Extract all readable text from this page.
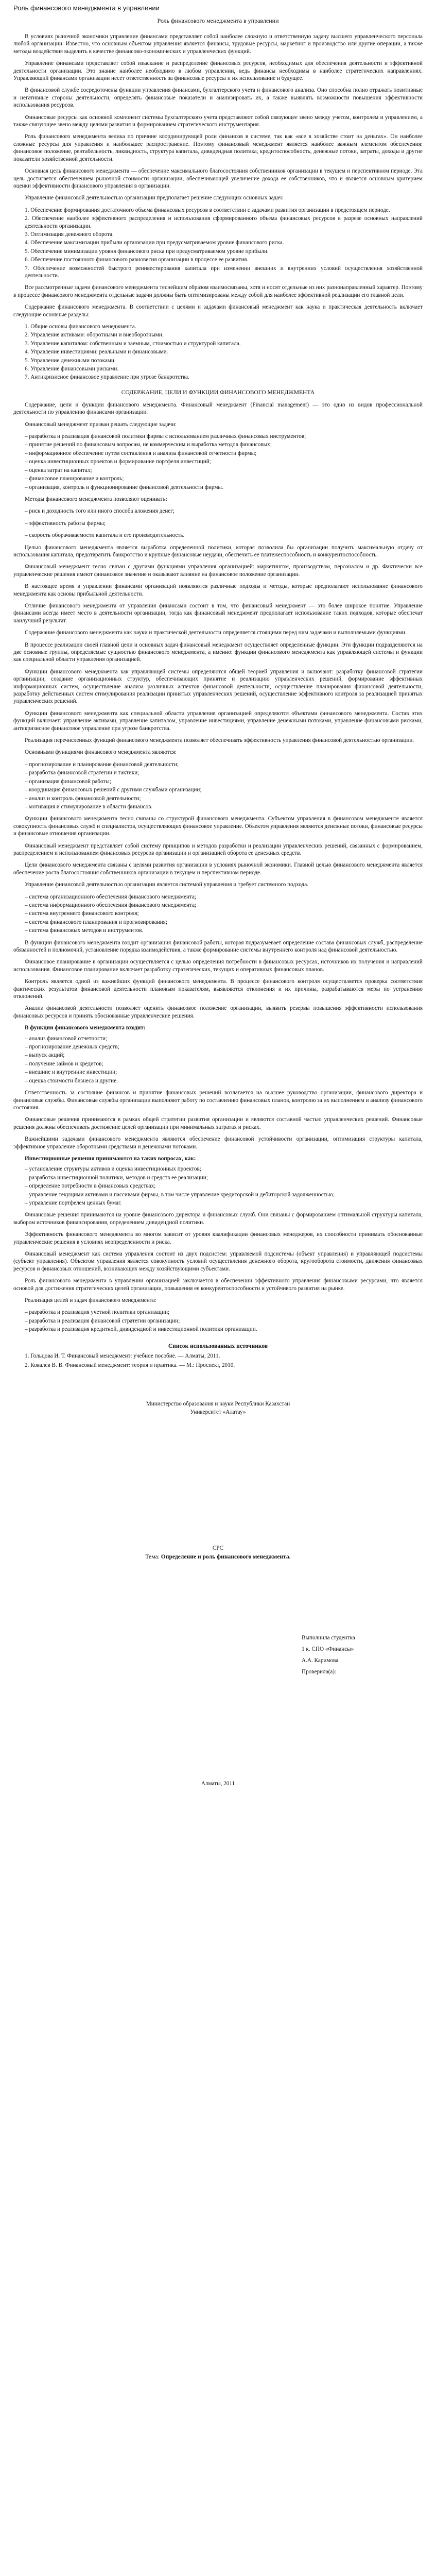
Роль финансового менеджмента в управлении
Роль финансового менеджмента в управлении

В условиях рыночной экономики управление финансами представляет собой наиболее сложную и ответственную задачу высшего управленческого персонала любой организации. Известно, что основным объектом управления является финансы, трудовые ресурсы, маркетинг и производство или другие операции, а также методы воздействия выделить в качестве финансово-экономических и управленческих функций.

Управление финансами представляет собой изыскание и распределение финансовых ресурсов, необходимых для обеспечения деятельности и эффективной деятельности организации. Это знание наиболее необходимо в любом управлении, ведь финансы необходимы в наиболее стратегических направлениях. Управляющий финансами организации несет ответственность за финансовые ресурсы и их использование и будущее.

В финансовой службе сосредоточены функции управления финансами, бухгалтерского учета и финансового анализа. Оно способна полно отражать позитивные и негативные стороны деятельности, определять финансовые показатели и анализировать их, а также выявлять возможности повышения эффективности использования ресурсов.

Финансовые ресурсы как основной компонент системы бухгалтерского учета представляют собой связующее звено между учетом, контролем и управлением, а также связующее звено между целями развития и формированием стратегического инструментария.

Роль финансового менеджмента велика по причине координирующей роли финансов в системе, так как «все в хозяйстве стоит на деньгах». Он наиболее сложные ресурсы для управления и наибольшее распространение. Поэтому финансовый менеджмент является наиболее важным элементом обеспечения: финансовое положение, рентабельность, ликвидность, структура капитала, дивидендная политика, кредитоспособность, денежные потоки, затраты, доходы и другие показатели хозяйственной деятельности.

Основная цель финансового менеджмента — обеспечение максимального благосостояния собственников организации в текущем и перспективном периоде. Эта цель достигается обеспечением рыночной стоимости организации, обеспечивающей увеличение дохода ее собственников, что и является основным критерием оценки эффективности финансового управления в организации.

Управление финансовой деятельностью организации предполагает решение следующих основных задач:

1. Обеспечение формирования достаточного объема финансовых ресурсов в соответствии с задачами развития организации в предстоящем периоде.
2. Обеспечение наиболее эффективного распределения и использования сформированного объема финансовых ресурсов в разрезе основных направлений деятельности организации.
3. Оптимизация денежного оборота.
4. Обеспечение максимизации прибыли организации при предусматриваемом уровне финансового риска.
5. Обеспечение минимизации уровня финансового риска при предусматриваемом уровне прибыли.
6. Обеспечение постоянного финансового равновесия организации в процессе ее развития.
7. Обеспечение возможностей быстрого реинвестирования капитала при изменении внешних и внутренних условий осуществления хозяйственной деятельности.

Все рассмотренные задачи финансового менеджмента теснейшим образом взаимосвязаны, хотя и носят отдельные из них разнонаправленный характер. Поэтому в процессе финансового менеджмента отдельные задачи должны быть оптимизированы между собой для наиболее эффективной реализации его главной цели.

Содержание финансового менеджмента. В соответствии с целями и задачами финансовый менеджмент как наука и практическая деятельность включает следующие основные разделы:

1. Общие основы финансового менеджмента.
2. Управление активами: оборотными и внеоборотными.
3. Управление капиталом: собственным и заемным, стоимостью и структурой капитала.
4. Управление инвестициями: реальными и финансовыми.
5. Управление денежными потоками.
6. Управление финансовыми рисками.
7. Антикризисное финансовое управление при угрозе банкротства.
СОДЕРЖАНИЕ, ЦЕЛИ И ФУНКЦИИ ФИНАНСОВОГО МЕНЕДЖМЕНТА

Содержание, цели и функции финансового менеджмента. Финансовый менеджмент (Financial management) — это одно из видов профессиональной деятельности по управлению финансами организации.

Финансовый менеджмент призван решать следующие задачи:

– разработка и реализация финансовой политики фирмы с использованием различных финансовых инструментов;
– принятие решений по финансовым вопросам, не коммерческим и выработка методов финансовых;
– информационное обеспечение путем составления и анализа финансовой отчетности фирмы;
– оценка инвестиционных проектов и формирование портфеля инвестиций;
– оценка затрат на капитал;
– финансовое планирование и контроль;
– организация, контроль и функционирование финансовой деятельности фирмы.

Методы финансового менеджмента позволяют оценивать:

– риск и доходность того или иного способа вложения денег;

– эффективность работы фирмы;

– скорость оборачиваемости капитала и его производительность.

Целью финансового менеджмента является выработка определенной политики, которая позволила бы организации получить максимальную отдачу от использования капитала, предотвратить банкротство и крупные финансовые неудачи, обеспечить ее платежеспособность и конкурентоспособность.

Финансовый менеджмент тесно связан с другими функциями управления организацией: маркетингом, производством, персоналом и др. Фактически все управленческие решения имеют финансовое значение и оказывают влияние на финансовое положение организации.

В настоящее время в управлении финансами организаций появляются различные подходы и методы, которые предполагают использование финансового менеджмента как основы прибыльной деятельности.

Отличие финансового менеджмента от управления финансами состоит в том, что финансовый менеджмент — это более широкое понятие. Управление финансами всегда имеет место в деятельности организации, тогда как финансовый менеджмент предполагает использование таких подходов, которые обеспечат наилучший результат.

Содержание финансового менеджмента как науки и практической деятельности определяется стоящими перед ним задачами и выполняемыми функциями.

В процессе реализации своей главной цели и основных задач финансовый менеджмент осуществляет определенные функции. Эти функции подразделяются на две основные группы, определяемые сущностью финансового менеджмента, а именно: функции финансового менеджмента как управляющей системы и функции как специальной области управления организацией.

Функции финансового менеджмента как управляющей системы определяются общей теорией управления и включают: разработку финансовой стратегии организации, создание организационных структур, обеспечивающих принятие и реализацию управленческих решений, формирование эффективных информационных систем, осуществление анализа различных аспектов финансовой деятельности, осуществление планирования финансовой деятельности, разработку действенных систем стимулирования реализации принятых управленческих решений, осуществление эффективного контроля за реализацией принятых управленческих решений.

Функции финансового менеджмента как специальной области управления организацией определяются объектами финансового менеджмента. Состав этих функций включает: управление активами, управление капиталом, управление инвестициями, управление денежными потоками, управление финансовыми рисками, антикризисное финансовое управление при угрозе банкротства.

Реализация перечисленных функций финансового менеджмента позволяет обеспечивать эффективность управления финансовой деятельностью организации.

Основными функциями финансового менеджмента являются:

– прогнозирование и планирование финансовой деятельности;
– разработка финансовой стратегии и тактики;
– организация финансовой работы;
– координация финансовых решений с другими службами организации;
– анализ и контроль финансовой деятельности;
– мотивация и стимулирование в области финансов.

Функции финансового менеджмента тесно связаны со структурой финансового менеджмента. Субъектом управления в финансовом менеджменте является совокупность финансовых служб и специалистов, осуществляющих финансовое управление. Объектом управления являются денежные потоки, финансовые ресурсы и финансовые отношения организации.

Финансовый менеджмент представляет собой систему принципов и методов разработки и реализации управленческих решений, связанных с формированием, распределением и использованием финансовых ресурсов организации и организацией оборота ее денежных средств.

Цели финансового менеджмента связаны с целями развития организации в условиях рыночной экономики. Главной целью финансового менеджмента является обеспечение роста благосостояния собственников организации в текущем и перспективном периоде.

Управление финансовой деятельностью организации является системой управления и требует системного подхода.

– система организационного обеспечения финансового менеджмента;
– система информационного обеспечения финансового менеджмента;
– система внутреннего финансового контроля;
– система финансового планирования и прогнозирования;
– система финансовых методов и инструментов.

В функции финансового менеджмента входит организация финансовой работы, которая подразумевает определение состава финансовых служб, распределение обязанностей и полномочий, установление порядка взаимодействия, а также формирование системы внутреннего контроля над финансовой деятельностью.

Финансовое планирование в организации осуществляется с целью определения потребности в финансовых ресурсах, источников их получения и направлений использования. Финансовое планирование включает разработку стратегических, текущих и оперативных финансовых планов.

Контроль является одной из важнейших функций финансового менеджмента. В процессе финансового контроля осуществляется проверка соответствия фактических результатов финансовой деятельности плановым показателям, выявляются отклонения и их причины, разрабатываются меры по устранению отклонений.

Анализ финансовой деятельности позволяет оценить финансовое положение организации, выявить резервы повышения эффективности использования финансовых ресурсов и принять обоснованные управленческие решения.

В функции финансового менеджмента входит:
– анализ финансовой отчетности;
– прогнозирование денежных средств;
– выпуск акций;
– получение займов и кредитов;
– внешние и внутренние инвестиции;
– оценка стоимости бизнеса и другие.

Ответственность за состояние финансов и принятие финансовых решений возлагается на высшее руководство организации, финансового директора и финансовые службы. Финансовые службы организации выполняют работу по составлению финансовых планов, контролю за их выполнением и анализу финансового состояния.

Финансовые решения принимаются в рамках общей стратегии развития организации и являются составной частью управленческих решений. Финансовые решения должны обеспечивать достижение целей организации при минимальных затратах и рисках.

Важнейшими задачами финансового менеджмента являются обеспечение финансовой устойчивости организации, оптимизация структуры капитала, эффективное управление оборотными средствами и денежными потоками.

Инвестиционные решения принимаются на таких вопросах, как:
– установление структуры активов и оценка инвестиционных проектов;
– разработка инвестиционной политики, методов и средств ее реализации;
– определение потребности в финансовых средствах;
– управление текущими активами и пассивами фирмы, в том числе управление кредиторской и дебиторской задолженностью;
– управление портфелем ценных бумаг.

Финансовые решения принимаются на уровне финансового директора и финансовых служб. Они связаны с формированием оптимальной структуры капитала, выбором источников финансирования, определением дивидендной политики.

Эффективность финансового менеджмента во многом зависит от уровня квалификации финансовых менеджеров, их способности принимать обоснованные управленческие решения в условиях неопределенности и риска.

Финансовый менеджмент как система управления состоит из двух подсистем: управляемой подсистемы (объект управления) и управляющей подсистемы (субъект управления). Объектом управления является совокупность условий осуществления денежного оборота, кругооборота стоимости, движения финансовых ресурсов и финансовых отношений, возникающих между хозяйствующими субъектами.

Роль финансового менеджмента в управлении организацией заключается в обеспечении эффективного управления финансовыми ресурсами, что является основой для достижения стратегических целей организации, повышения ее конкурентоспособности и устойчивого развития на рынке.

Реализация целей и задач финансового менеджмента:

– разработка и реализация учетной политики организации;
– разработка и реализация финансовой стратегии организации;
– разработка и реализация кредитной, дивидендной и инвестиционной политики организации.
Список использованных источников
1. Гольцова И. Т. Финансовый менеджмент: учебное пособие. — Алматы, 2011.
2. Ковалев В. В. Финансовый менеджмент: теория и практика. — М.: Проспект, 2010.

Министерство образования и науки Республики Казахстан

Университет «Алатау»

СРС

Тема: Определение и роль финансового менеджмента.

Выполнила студентка
1 к. СПО «Финансы»
А.А. Каримова
Проверила(а):
Алматы, 2011
